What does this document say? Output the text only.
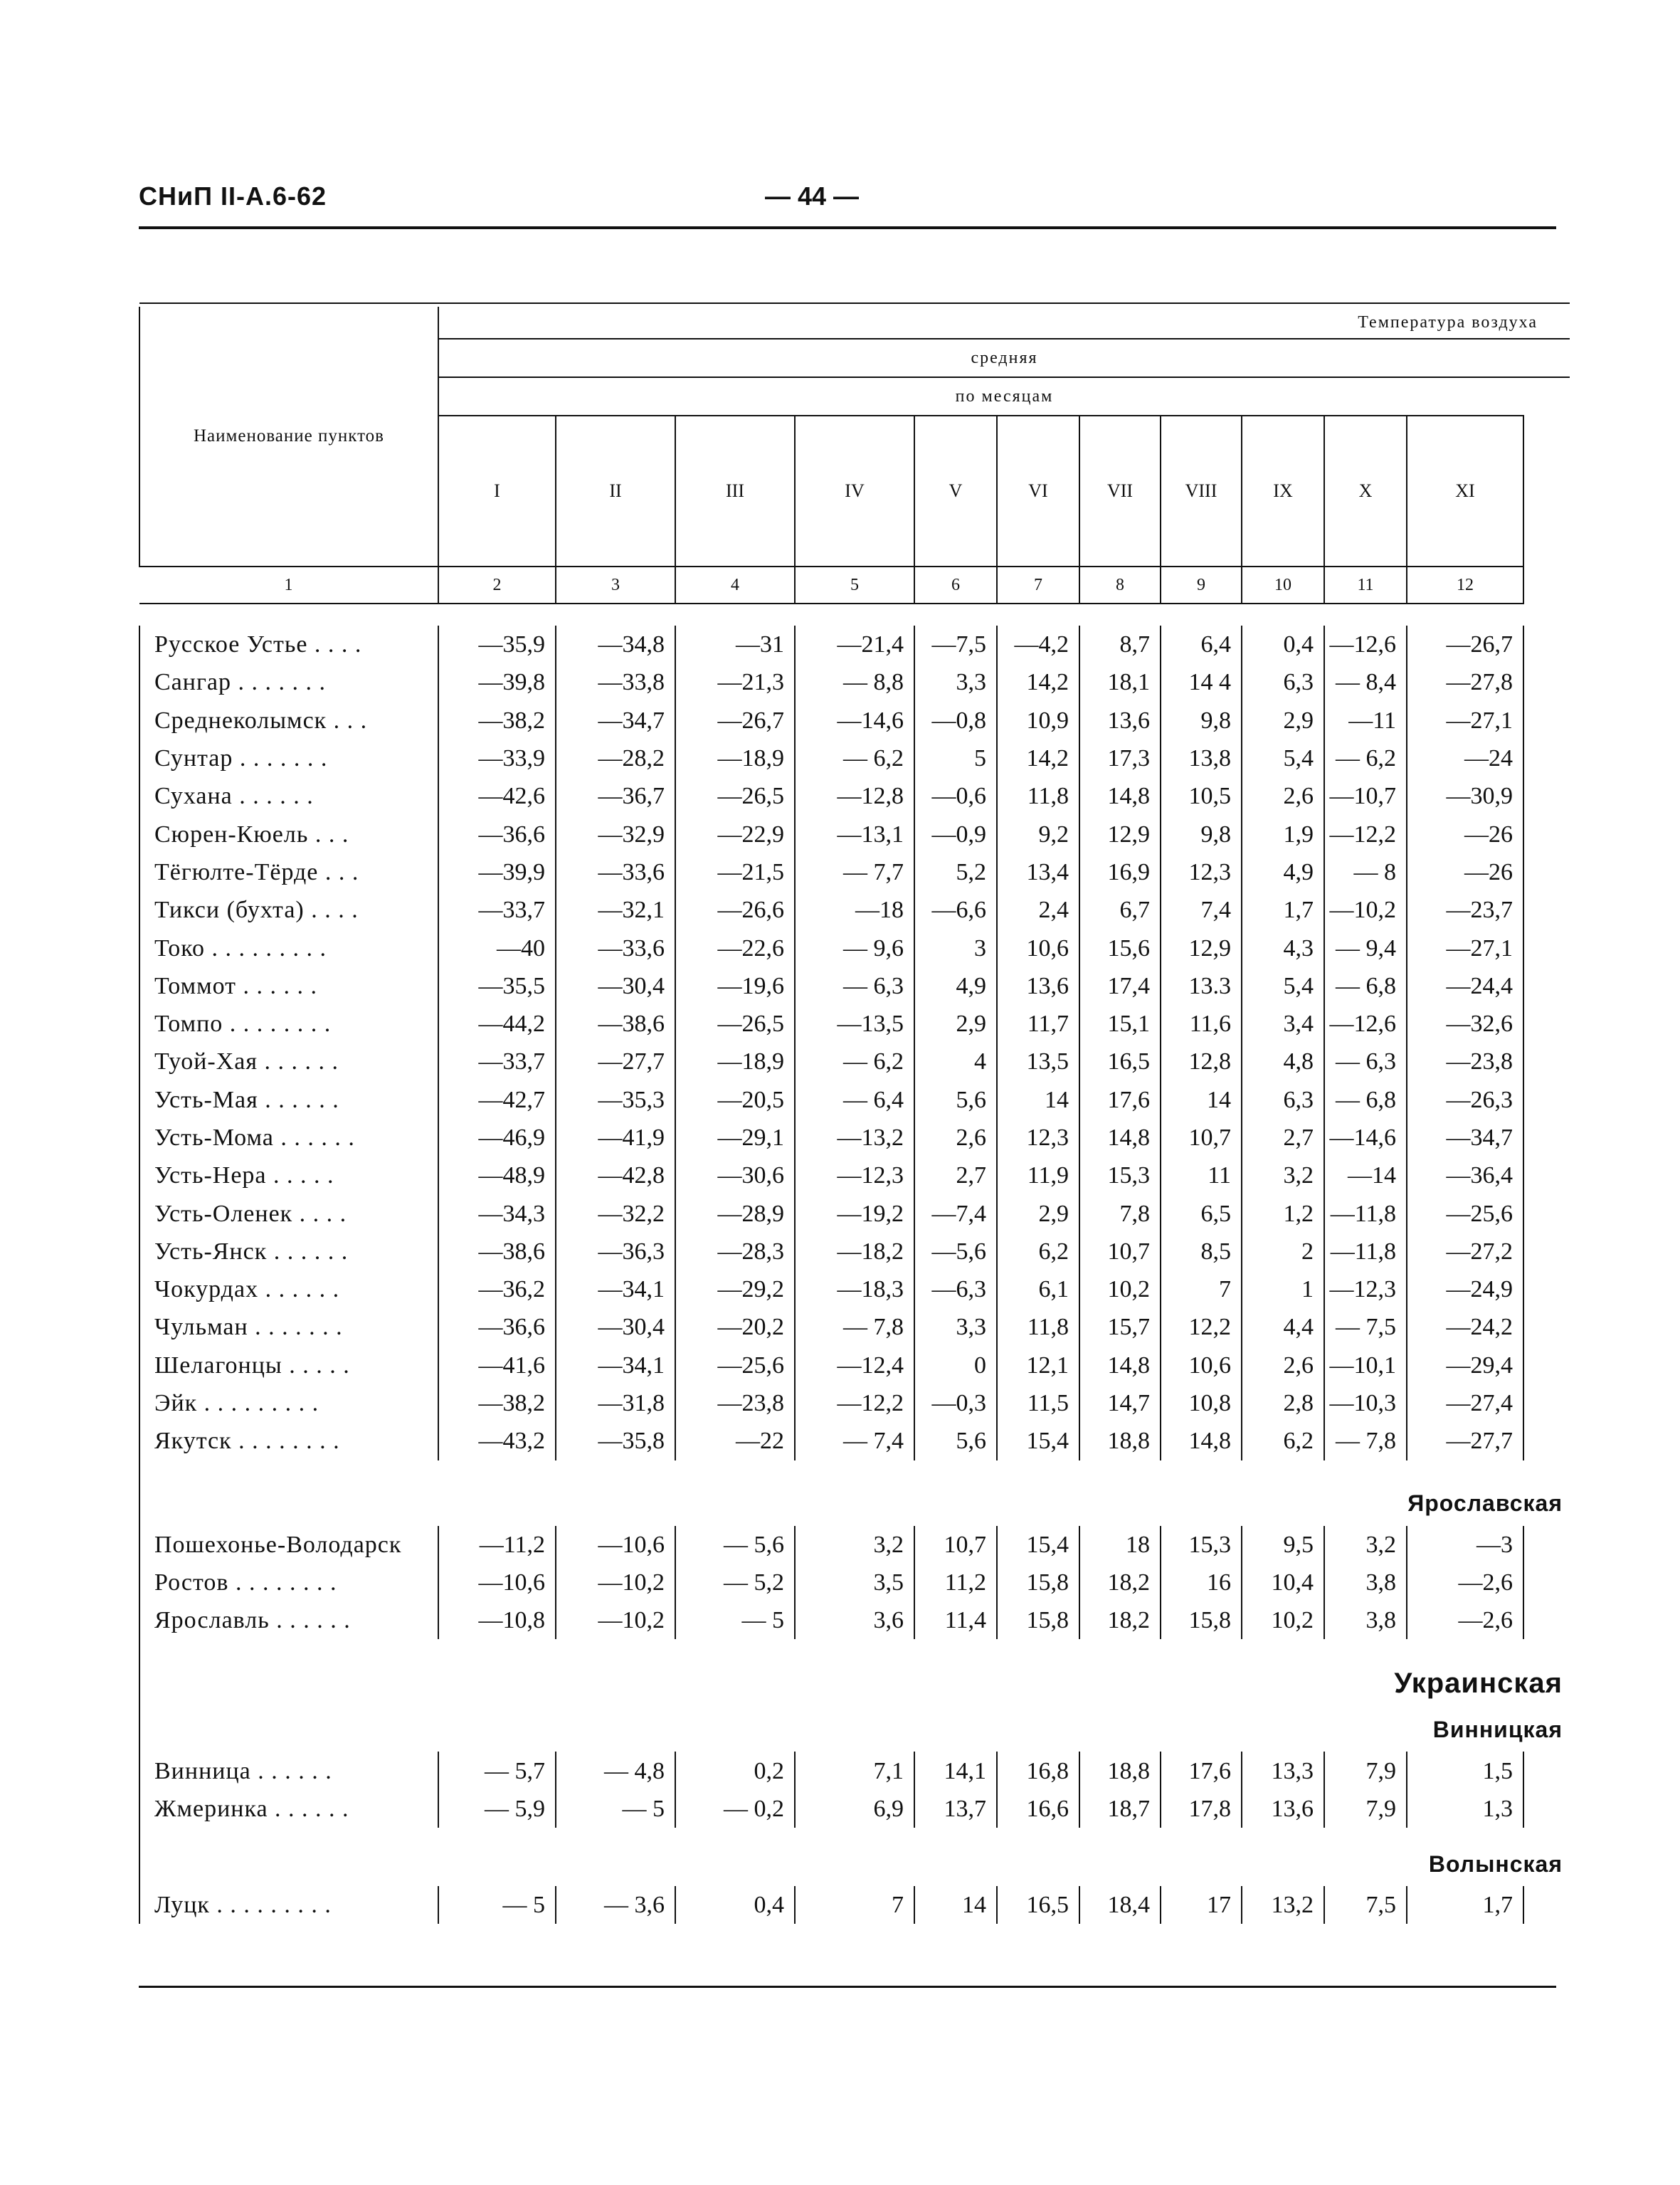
СНиП II-А.6-62	— 44 —

Наименование пунктов	Температура воздуха											
	средняя											
	по месяцам											
	I	II	III	IV	V	VI	VII	VIII	IX	X	XI	
1	2	3	4	5	6	7	8	9	10	11	12	

Русское Устье . . . .	—35,9	—34,8	—31	—21,4	—7,5	—4,2	8,7	6,4	0,4	—12,6	—26,7	
Сангар . . . . . . .	—39,8	—33,8	—21,3	— 8,8	3,3	14,2	18,1	14 4	6,3	— 8,4	—27,8	
Среднеколымск . . .	—38,2	—34,7	—26,7	—14,6	—0,8	10,9	13,6	9,8	2,9	—11	—27,1	
Сунтар . . . . . . .	—33,9	—28,2	—18,9	— 6,2	5	14,2	17,3	13,8	5,4	— 6,2	—24	
Сухана . . . . . .	—42,6	—36,7	—26,5	—12,8	—0,6	11,8	14,8	10,5	2,6	—10,7	—30,9	
Сюрен-Кюель . . .	—36,6	—32,9	—22,9	—13,1	—0,9	9,2	12,9	9,8	1,9	—12,2	—26	
Тёгюлте-Тёрде . . .	—39,9	—33,6	—21,5	— 7,7	5,2	13,4	16,9	12,3	4,9	— 8	—26	
Тикси (бухта) . . . .	—33,7	—32,1	—26,6	—18	—6,6	2,4	6,7	7,4	1,7	—10,2	—23,7	
Токо . . . . . . . . .	—40	—33,6	—22,6	— 9,6	3	10,6	15,6	12,9	4,3	— 9,4	—27,1	
Томмот . . . . . .	—35,5	—30,4	—19,6	— 6,3	4,9	13,6	17,4	13.3	5,4	— 6,8	—24,4	
Томпо . . . . . . . .	—44,2	—38,6	—26,5	—13,5	2,9	11,7	15,1	11,6	3,4	—12,6	—32,6	
Туой-Хая . . . . . .	—33,7	—27,7	—18,9	— 6,2	4	13,5	16,5	12,8	4,8	— 6,3	—23,8	
Усть-Мая . . . . . .	—42,7	—35,3	—20,5	— 6,4	5,6	14	17,6	14	6,3	— 6,8	—26,3	
Усть-Мома . . . . . .	—46,9	—41,9	—29,1	—13,2	2,6	12,3	14,8	10,7	2,7	—14,6	—34,7	
Усть-Нера . . . . .	—48,9	—42,8	—30,6	—12,3	2,7	11,9	15,3	11	3,2	—14	—36,4	
Усть-Оленек . . . .	—34,3	—32,2	—28,9	—19,2	—7,4	2,9	7,8	6,5	1,2	—11,8	—25,6	
Усть-Янск . . . . . .	—38,6	—36,3	—28,3	—18,2	—5,6	6,2	10,7	8,5	2	—11,8	—27,2	
Чокурдах . . . . . .	—36,2	—34,1	—29,2	—18,3	—6,3	6,1	10,2	7	1	—12,3	—24,9	
Чульман . . . . . . .	—36,6	—30,4	—20,2	— 7,8	3,3	11,8	15,7	12,2	4,4	— 7,5	—24,2	
Шелагонцы . . . . .	—41,6	—34,1	—25,6	—12,4	0	12,1	14,8	10,6	2,6	—10,1	—29,4	
Эйк . . . . . . . . .	—38,2	—31,8	—23,8	—12,2	—0,3	11,5	14,7	10,8	2,8	—10,3	—27,4	
Якутск . . . . . . . .	—43,2	—35,8	—22	— 7,4	5,6	15,4	18,8	14,8	6,2	— 7,8	—27,7	

	Ярославская											
Пошехонье-Володарск	—11,2	—10,6	— 5,6	3,2	10,7	15,4	18	15,3	9,5	3,2	—3	
Ростов . . . . . . . .	—10,6	—10,2	— 5,2	3,5	11,2	15,8	18,2	16	10,4	3,8	—2,6	
Ярославль . . . . . .	—10,8	—10,2	— 5	3,6	11,4	15,8	18,2	15,8	10,2	3,8	—2,6	

	Украинская											
	Винницкая											
Винница . . . . . .	— 5,7	— 4,8	0,2	7,1	14,1	16,8	18,8	17,6	13,3	7,9	1,5	
Жмеринка . . . . . .	— 5,9	— 5	— 0,2	6,9	13,7	16,6	18,7	17,8	13,6	7,9	1,3	

	Волынская											
Луцк . . . . . . . . .	— 5	— 3,6	0,4	7	14	16,5	18,4	17	13,2	7,5	1,7	
